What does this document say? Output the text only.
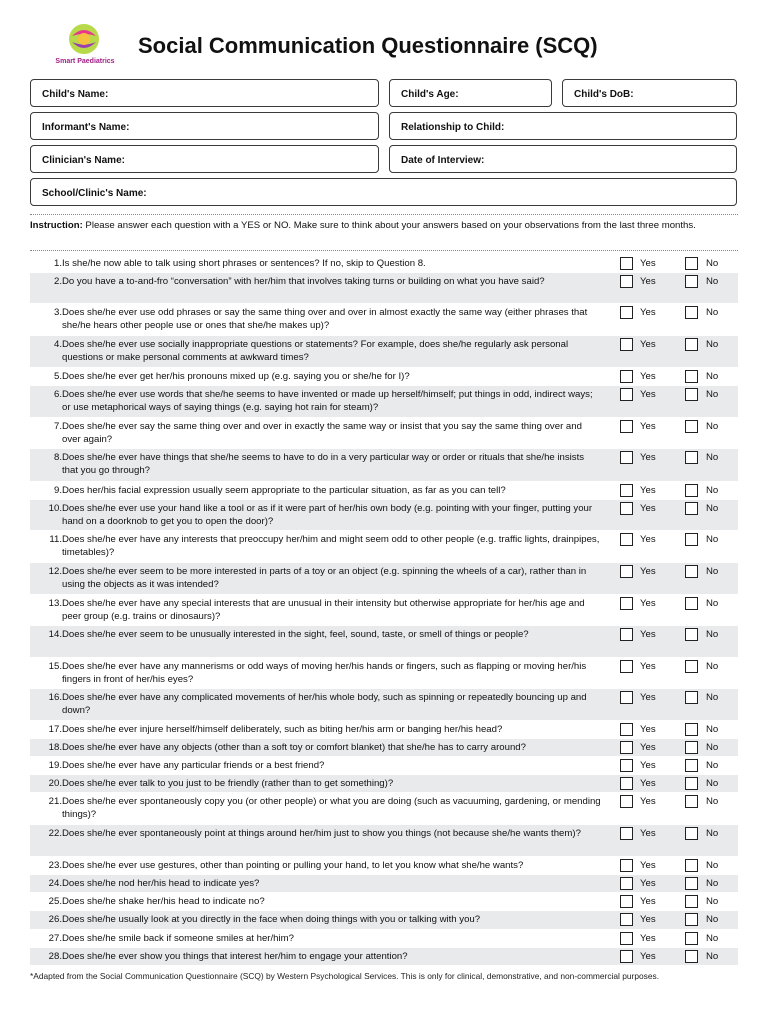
Smart Paediatrics
Social Communication Questionnaire (SCQ)
Child's Name:	Child's Age:	Child's DoB:
Informant's Name:	Relationship to Child:
Clinician's Name:	Date of Interview:
School/Clinic's Name:
Instruction: Please answer each question with a YES or NO. Make sure to think about your answers based on your observations from the last three months.
1. Is she/he now able to talk using short phrases or sentences? If no, skip to Question 8.	Yes	No
2. Do you have a to-and-fro “conversation” with her/him that involves taking turns or building on what you have said?	Yes	No
3. Does she/he ever use odd phrases or say the same thing over and over in almost exactly the same way (either phrases that she/he hears other people use or ones that she/he makes up)?
Yes	No
4. Does she/he ever use socially inappropriate questions or statements? For example, does she/he regularly ask personal questions or make personal comments at awkward times?
Yes	No
5. Does she/he ever get her/his pronouns mixed up (e.g. saying you or she/he for I)?	Yes	No
6. Does she/he ever use words that she/he seems to have invented or made up herself/himself; put things in odd, indirect ways; or use metaphorical ways of saying things (e.g. saying hot rain for steam)?
Yes	No
7. Does she/he ever say the same thing over and over in exactly the same way or insist that you say the same thing over and over again?
Yes	No
8. Does she/he ever have things that she/he seems to have to do in a very particular way or order or rituals that she/he insists that you go through?
Yes	No
9. Does her/his facial expression usually seem appropriate to the particular situation, as far as you can tell?	Yes	No
10. Does she/he ever use your hand like a tool or as if it were part of her/his own body (e.g. pointing with your finger, putting your hand on a doorknob to get you to open the door)?
Yes	No
11. Does she/he ever have any interests that preoccupy her/him and might seem odd to other people (e.g. traffic lights, drainpipes, timetables)?
Yes	No
12. Does she/he ever seem to be more interested in parts of a toy or an object (e.g. spinning the wheels of a car), rather than in using the objects as it was intended?
Yes	No
13. Does she/he ever have any special interests that are unusual in their intensity but otherwise appropriate for her/his age and peer group (e.g. trains or dinosaurs)?
Yes	No
14. Does she/he ever seem to be unusually interested in the sight, feel, sound, taste, or smell of things or people?	Yes	No
15. Does she/he ever have any mannerisms or odd ways of moving her/his hands or fingers, such as flapping or moving her/his fingers in front of her/his eyes?
Yes	No
16. Does she/he ever have any complicated movements of her/his whole body, such as spinning or repeatedly bouncing up and down?
Yes	No
17. Does she/he ever injure herself/himself deliberately, such as biting her/his arm or banging her/his head?	Yes	No
18. Does she/he ever have any objects (other than a soft toy or comfort blanket) that she/he has to carry around?	Yes	No
19. Does she/he ever have any particular friends or a best friend?	Yes	No
20. Does she/he ever talk to you just to be friendly (rather than to get something)?	Yes	No
21. Does she/he ever spontaneously copy you (or other people) or what you are doing (such as vacuuming, gardening, or mending things)?
Yes	No
22. Does she/he ever spontaneously point at things around her/him just to show you things (not because she/he wants them)?	Yes	No
23. Does she/he ever use gestures, other than pointing or pulling your hand, to let you know what she/he wants?	Yes	No
24. Does she/he nod her/his head to indicate yes?	Yes	No
25. Does she/he shake her/his head to indicate no?	Yes	No
26. Does she/he usually look at you directly in the face when doing things with you or talking with you?	Yes	No
27. Does she/he smile back if someone smiles at her/him?	Yes	No
28. Does she/he ever show you things that interest her/him to engage your attention?	Yes	No
*Adapted from the Social Communication Questionnaire (SCQ) by Western Psychological Services. This is only for clinical, demonstrative, and non-commercial purposes.
